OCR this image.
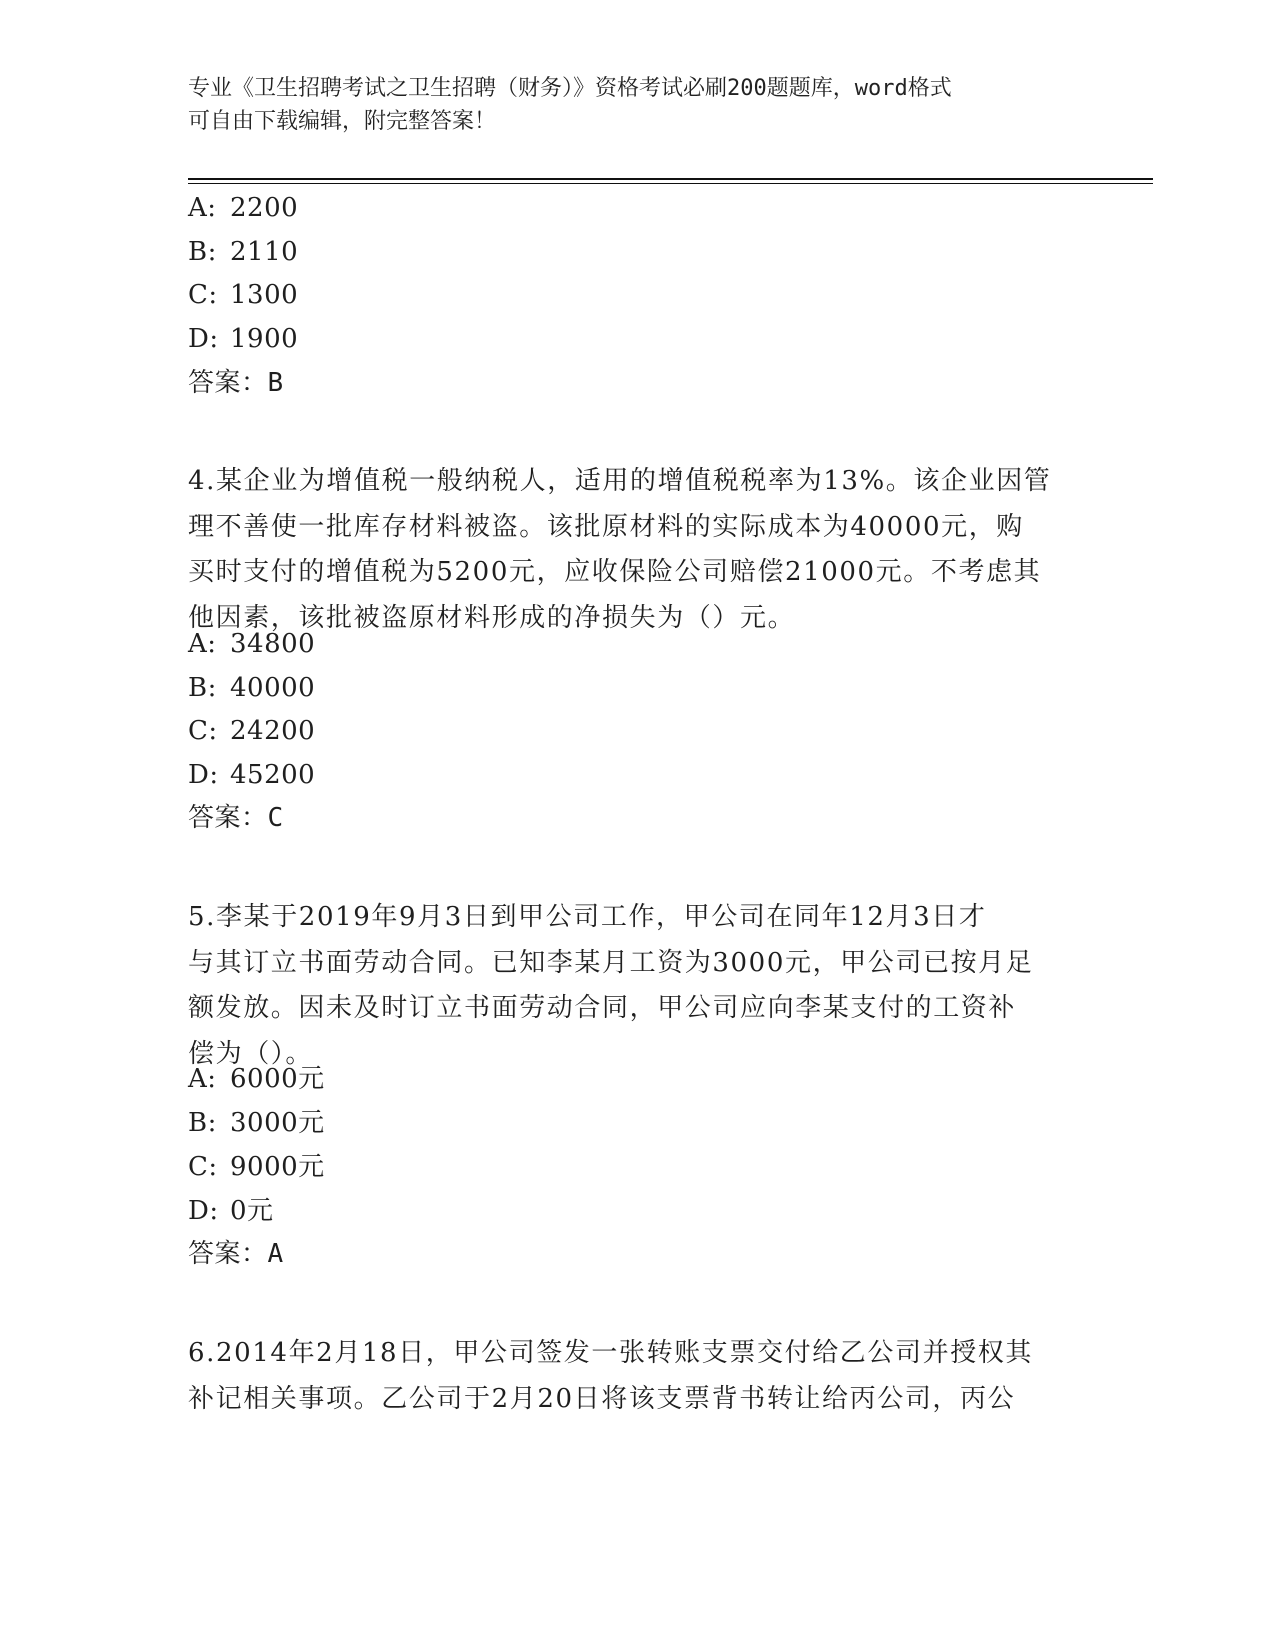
专业《卫生招聘考试之卫生招聘（财务）》资格考试必刷200题题库，word格式
可自由下载编辑，附完整答案！
A: 2200
B: 2110
C: 1300
D: 1900
答案：B
4.某企业为增值税一般纳税人，适用的增值税税率为13%。该企业因管
理不善使一批库存材料被盗。该批原材料的实际成本为40000元，购
买时支付的增值税为5200元，应收保险公司赔偿21000元。不考虑其
他因素，该批被盗原材料形成的净损失为（）元。
A: 34800
B: 40000
C: 24200
D: 45200
答案：C
5.李某于2019年9月3日到甲公司工作，甲公司在同年12月3日才
与其订立书面劳动合同。已知李某月工资为3000元，甲公司已按月足
额发放。因未及时订立书面劳动合同，甲公司应向李某支付的工资补
偿为（）。
A: 6000元
B: 3000元
C: 9000元
D: 0元
答案：A
6.2014年2月18日，甲公司签发一张转账支票交付给乙公司并授权其
补记相关事项。乙公司于2月20日将该支票背书转让给丙公司，丙公
